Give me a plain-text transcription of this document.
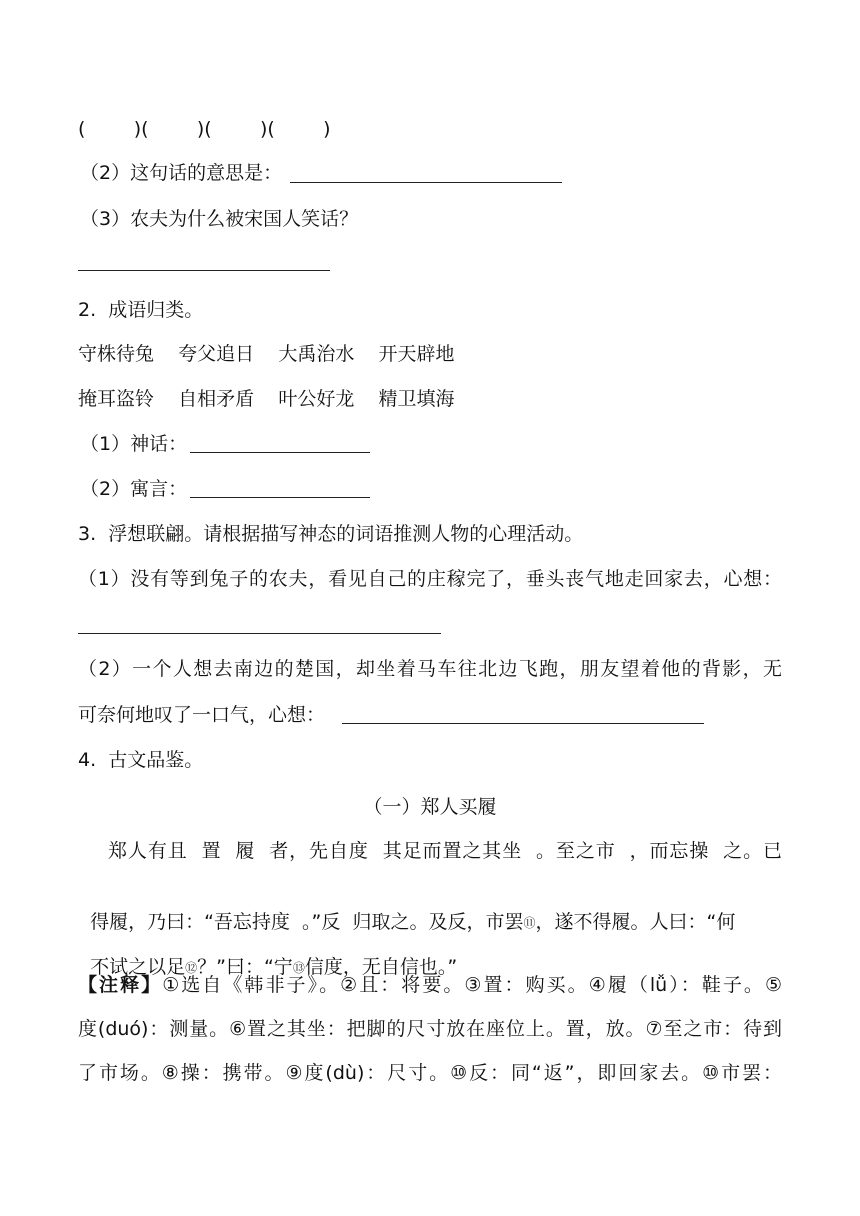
(        )(        )(        )(        )
（2）这句话的意思是：
（3）农夫为什么被宋国人笑话？
2.  成语归类。
守株待兔    夸父追日    大禹治水    开天辟地
掩耳盗铃    自相矛盾    叶公好龙    精卫填海
（1）神话：
（2）寓言：
3.  浮想联翩。请根据描写神态的词语推测人物的心理活动。
（1）没有等到兔子的农夫，看见自己的庄稼完了，垂头丧气地走回家去，心想：
（2）一个人想去南边的楚国，却坐着马车往北边飞跑，朋友望着他的背影，无
可奈何地叹了一口气，心想：
4.  古文品鉴。
（一）郑人买履
郑人有且  置  履  者，先自度  其足而置之其坐  。至之市  ，而忘操  之。已

得履，乃曰：“吾忘持度  。”反  归取之。及反，市罢⑪，遂不得履。人曰：“何

不试之以足⑫？”曰：“宁⑬信度，无自信也。”

【注释】①选自《韩非子》。②且：将要。③置：购买。④履（lǚ）：鞋子。⑤
度(duó)：测量。⑥置之其坐：把脚的尺寸放在座位上。置，放。⑦至之市：待到
了市场。⑧操：携带。⑨度(dù)：尺寸。⑩反：同“返”，即回家去。⑩市罢：
